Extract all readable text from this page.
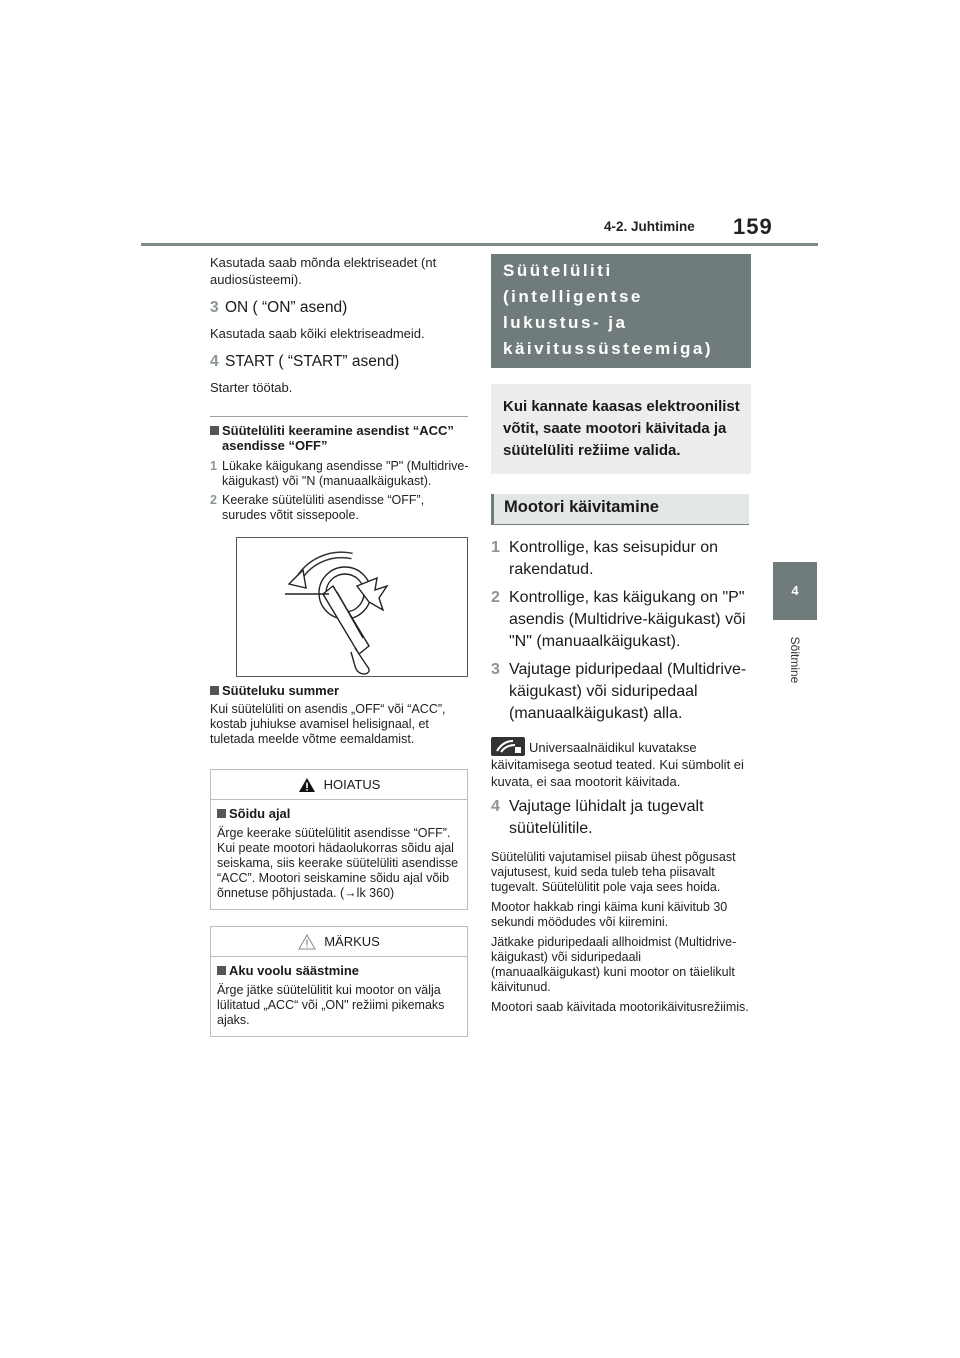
4-2. Juhtimine 159
4
Sõitmine

Kasutada saab mõnda elektriseadet (nt audiosüsteemi).

3 ON ( “ON” asend)

Kasutada saab kõiki elektriseadmeid.

4 START ( “START” asend)

Starter töötab.

Süütelüliti keeramine asendist “ACC” asendisse “OFF”
1 Lükake käigukang asendisse "P" (Multidrive-käigukast) või "N (manuaalkäigukast).
2 Keerake süütelüliti asendisse “OFF”, surudes võtit sissepoole.
Süüteluku summer

Kui süütelüliti on asendis „OFF“ või “ACC”, kostab juhiukse avamisel helisignaal, et tuletada meelde võtme eemaldamist.

HOIATUS
Sõidu ajal

Ärge keerake süütelülitit asendisse “OFF”. Kui peate mootori hädaolukorras sõidu ajal seiskama, siis keerake süütelüliti asendisse “ACC”. Mootori seiskamine sõidu ajal võib õnnetuse põhjustada. (→lk 360)

MÄRKUS
Aku voolu säästmine

Ärge jätke süütelülitit kui mootor on välja lülitatud „ACC“ või „ON" režiimi pikemaks ajaks.

Süütelüliti (intelligentse lukustus- ja käivitussüsteemiga)
Kui kannate kaasas elektroonilist võtit, saate mootori käivitada ja süütelüliti režiime valida.
Mootori käivitamine
1 Kontrollige, kas seisupidur on rakendatud.
2 Kontrollige, kas käigukang on "P" asendis (Multidrive-käigukast) või "N" (manuaalkäigukast).
3 Vajutage piduripedaal (Multidrive-käigukast) või siduripedaal (manuaalkäigukast) alla.

Universaalnäidikul kuvatakse
käivitamisega seotud teated. Kui sümbolit ei kuvata, ei saa mootorit käivitada.

4 Vajutage lühidalt ja tugevalt süütelülitile.

Süütelüliti vajutamisel piisab ühest põgusast vajutusest, kuid seda tuleb teha piisavalt tugevalt. Süütelülitit pole vaja sees hoida.

Mootor hakkab ringi käima kuni käivitub 30 sekundi möödudes või kiiremini.

Jätkake piduripedaali allhoidmist (Multidrive-käigukast) või siduripedaali (manuaalkäigukast) kuni mootor on täielikult käivitunud.

Mootori saab käivitada mootorikäivitusrežiimis.
